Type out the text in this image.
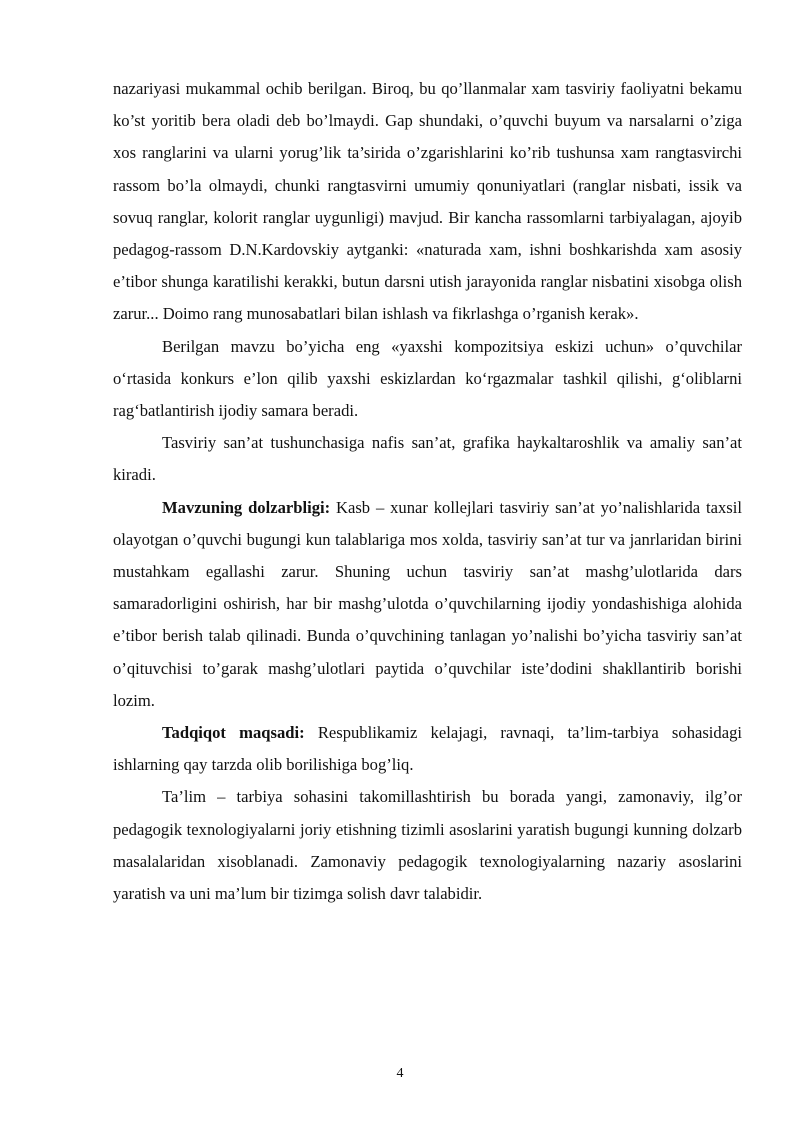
nazariyasi mukammal ochib berilgan. Biroq, bu qo’llanmalar xam tasviriy faoliyatni bekamu ko’st yoritib bera oladi deb bo’lmaydi. Gap shundaki, o’quvchi buyum va narsalarni o’ziga xos ranglarini va ularni yorug’lik ta’sirida o’zgarishlarini ko’rib tushunsa xam rangtasvirchi rassom bo’la olmaydi, chunki rangtasvirni umumiy qonuniyatlari (ranglar nisbati, issik va sovuq ranglar, kolorit ranglar uygunligi) mavjud. Bir kancha rassomlarni tarbiyalagan, ajoyib pedagog-rassom D.N.Kardovskiy aytganki: «naturada xam, ishni boshkarishda xam asosiy e’tibor shunga karatilishi kerakki, butun darsni utish jarayonida ranglar nisbatini xisobga olish zarur... Doimo rang munosabatlari bilan ishlash va fikrlashga o’rganish kerak».

Berilgan mavzu bo’yicha eng «yaxshi kompozitsiya eskizi uchun» o’quvchilar o‘rtasida konkurs e’lon qilib yaxshi eskizlardan ko‘rgazmalar tashkil qilishi, g‘oliblarni rag‘batlantirish ijodiy samara beradi.

Tasviriy san’at tushunchasiga nafis san’at, grafika haykaltaroshlik va amaliy san’at kiradi.

Mavzuning dolzarbligi: Kasb – xunar kollejlari tasviriy san’at yo’nalishlarida taxsil olayotgan o’quvchi bugungi kun talablariga mos xolda, tasviriy san’at tur va janrlaridan birini mustahkam egallashi zarur. Shuning uchun tasviriy san’at mashg’ulotlarida dars samaradorligini oshirish, har bir mashg’ulotda o’quvchilarning ijodiy yondashishiga alohida e’tibor berish talab qilinadi. Bunda o’quvchining tanlagan yo’nalishi bo’yicha tasviriy san’at o’qituvchisi to’garak mashg’ulotlari paytida o’quvchilar iste’dodini shakllantirib borishi lozim.

Tadqiqot maqsadi: Respublikamiz kelajagi, ravnaqi, ta’lim-tarbiya sohasidagi ishlarning qay tarzda olib borilishiga bog’liq.

Ta’lim – tarbiya sohasini takomillashtirish bu borada yangi, zamonaviy, ilg’or pedagogik texnologiyalarni joriy etishning tizimli asoslarini yaratish bugungi kunning dolzarb masalalaridan xisoblanadi. Zamonaviy pedagogik texnologiyalarning nazariy asoslarini yaratish va uni ma’lum bir tizimga solish davr talabidir.

4
